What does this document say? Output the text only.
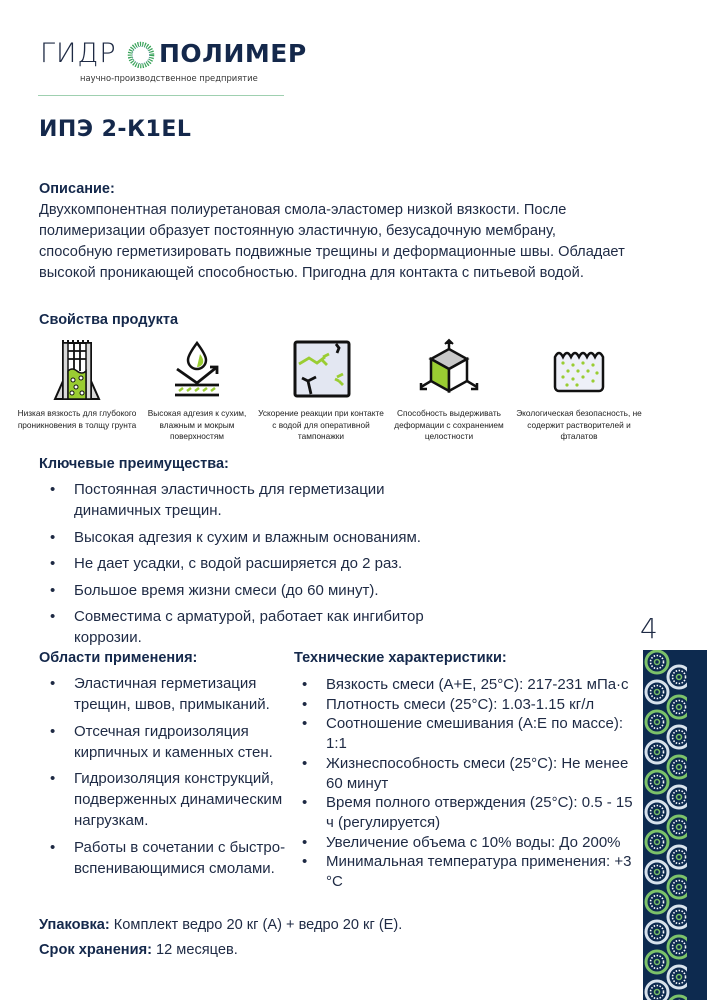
ГИДР ПОЛИМЕР
научно-производственное предприятие
ИПЭ 2-К1EL
Описание:
Двухкомпонентная полиуретановая смола-эластомер низкой вязкости. После полимеризации образует постоянную эластичную, безусадочную мембрану, способную герметизировать подвижные трещины и деформационные швы. Обладает высокой проникающей способностью. Пригодна для контакта с питьевой водой.
Свойства продукта
Низкая вязкость для глубокого проникновения в толщу грунта
Высокая адгезия к сухим, влажным и мокрым поверхностям
Ускорение реакции при контакте с водой для оперативной тампонажки
Способность выдерживать деформации с сохранением целостности
Экологическая безопасность, не содержит растворителей и фталатов
Ключевые преимущества:
• Постоянная эластичность для герметизации динамичных трещин.
• Высокая адгезия к сухим и влажным основаниям.
• Не дает усадки, с водой расширяется до 2 раз.
• Большое время жизни смеси (до 60 минут).
• Совместима с арматурой, работает как ингибитор коррозии.
Области применения:
• Эластичная герметизация трещин, швов, примыканий.
• Отсечная гидроизоляция кирпичных и каменных стен.
• Гидроизоляция конструкций, подверженных динамическим нагрузкам.
• Работы в сочетании с быстро-вспенивающимися смолами.
Технические характеристики:
• Вязкость смеси (А+Е, 25°С): 217-231 мПа·с
• Плотность смеси (25°С): 1.03-1.15 кг/л
• Соотношение смешивания (А:Е по массе): 1:1
• Жизнеспособность смеси (25°С): Не менее 60 минут
• Время полного отверждения (25°С): 0.5 - 15 ч (регулируется)
• Увеличение объема с 10% воды: До 200%
• Минимальная температура применения: +3 °С
Упаковка: Комплект ведро 20 кг (А) + ведро 20 кг (Е).
Срок хранения: 12 месяцев.
4
